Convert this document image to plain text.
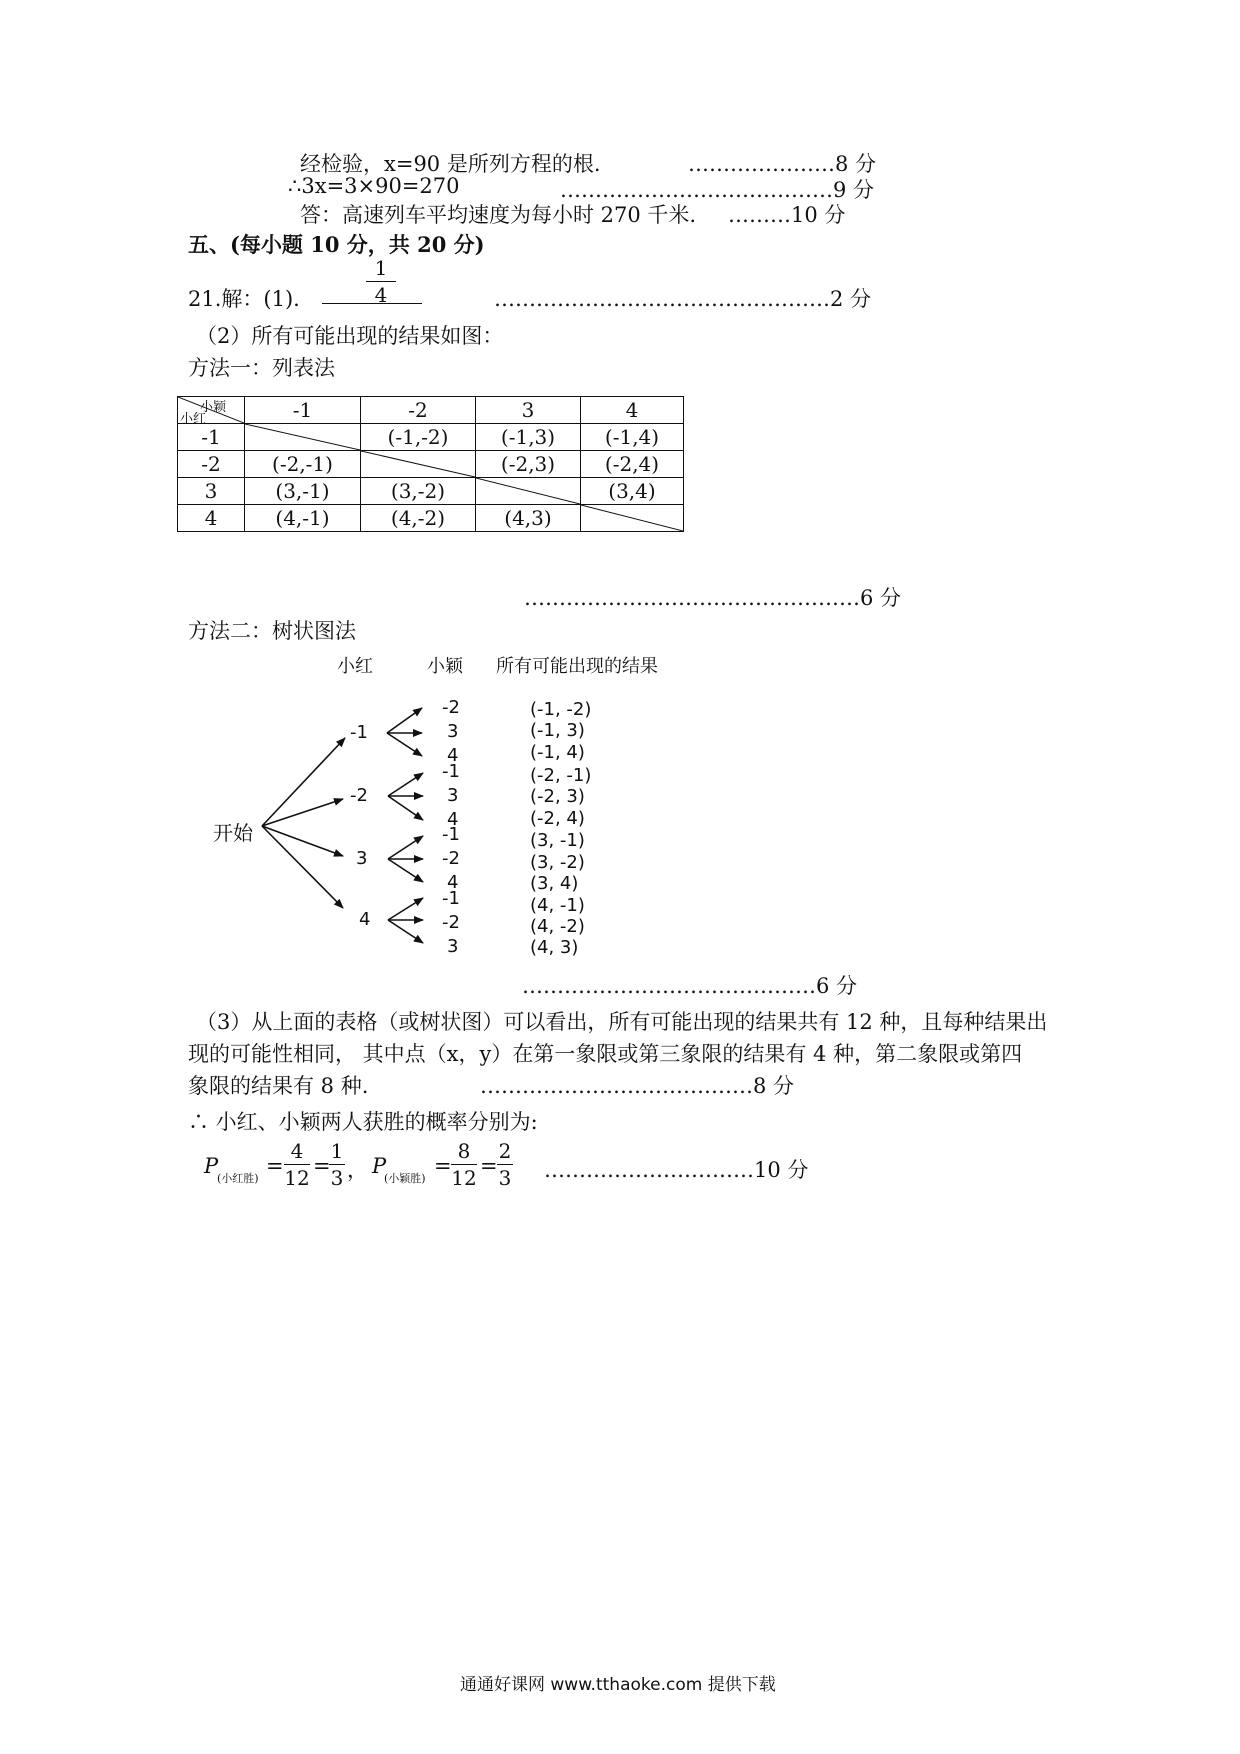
经检验，x=90 是所列方程的根.	…………………8 分
∴3x=3×90=270	…………………………………9 分
答：高速列车平均速度为每小时 270 千米. ………10 分
五、(每小题 10 分，共 20 分)
21.解：(1).
1
4	…………………………………………2 分
（2）所有可能出现的结果如图：
方法一：列表法
小颖
小红	-1	-2	3	4
-1		(-1,-2)	(-1,3)	(-1,4)
-2	(-2,-1)		(-2,3)	(-2,4)
3	(3,-1)	(3,-2)		(3,4)
4	(4,-1)	(4,-2)	(4,3)	
…………………………………………6 分
方法二：树状图法
小红	小颖 所有可能出现的结果
开始
-1
-2
3
4
-2
3
4
-1
3
4
-1
-2
4
-1
-2
3
(-1, -2)
(-1, 3)
(-1, 4)
(-2, -1)
(-2, 3)
(-2, 4)
(3, -1)
(3, -2)
(3, 4)
(4, -1)
(4, -2)
(4, 3)
……………………………………6 分
（3）从上面的表格（或树状图）可以看出，所有可能出现的结果共有 12 种，且每种结果出
现的可能性相同， 其中点（x，y）在第一象限或第三象限的结果有 4 种，第二象限或第四
象限的结果有 8 种.	…………………………………8 分
∴ 小红、小颖两人获胜的概率分别为:
P
(小红胜)
=
4
12 =
1
3 ， P
(小颖胜)
=
8
12 =
2
3 …………………………10 分
通通好课网 www.tthaoke.com 提供下载
